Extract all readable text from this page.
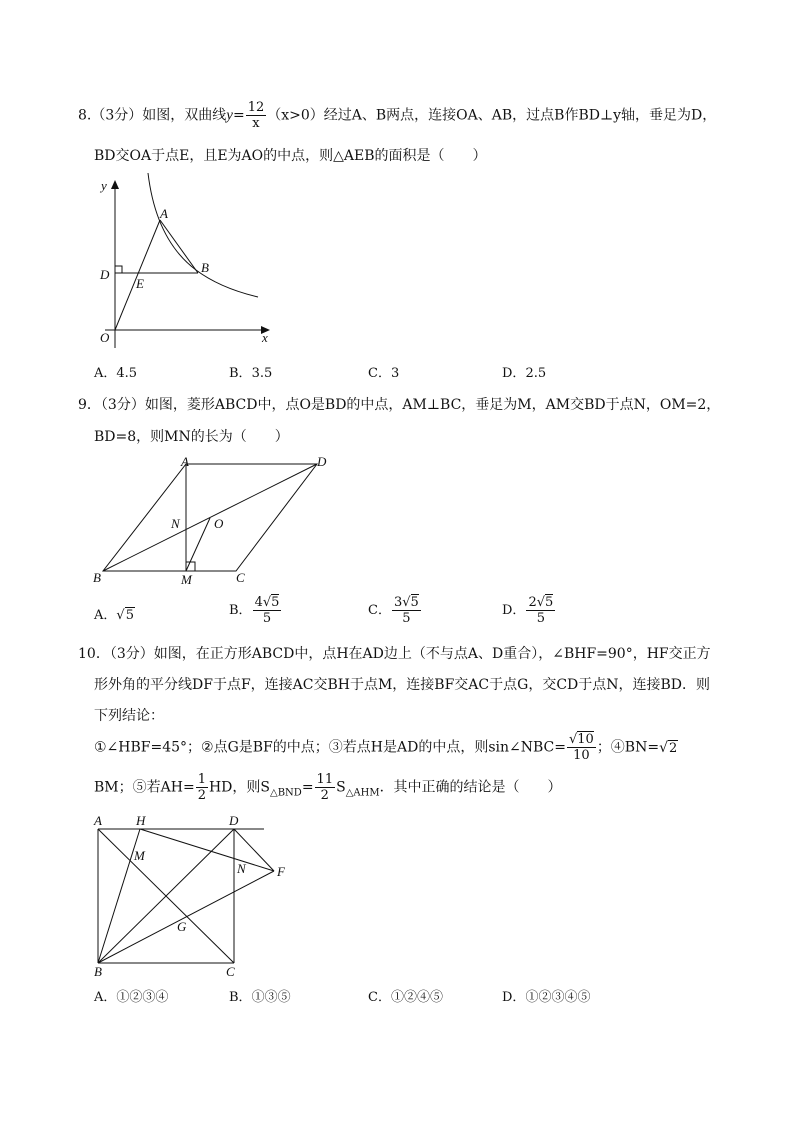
8.（3分）如图，双曲线$y= \frac{12}{x} (x>0)$经过A、B两点，连接OA、AB，过点B作BD⊥y轴，垂足为D，
BD交OA于点E，且E为AO的中点，则△AEB的面积是（　　）
y
x
A
B
D
E
O
A．4.5	B．3.5	C．3	D．2.5
9．（3分）如图，菱形ABCD中，点O是BD的中点，AM⊥BC，垂足为M，AM交BD于点N，OM=2，
BD=8，则MN的长为（　　）
A	D
N	O
B	M	C
A．√5	B． $\frac{4√5}{5}$	C． $\frac{3√5}{5}$	D． $\frac{2√5}{5}$
10．（3分）如图，在正方形ABCD中，点H在AD边上（不与点A、D重合），∠BHF=90°，HF交正方
形外角的平分线DF于点F，连接AC交BH于点M，连接BF交AC于点G，交CD于点N，连接BD．则
下列结论：
①∠HBF=45°；②点G是BF的中点；③若点H是AD的中点，则sin∠NBC= $\frac{√10}{10}$ ；④BN=√2
BM；⑤若$AH= \frac{1}{2}$ HD，则$S_{\triangle BND}= \frac{11}{2} S_{\triangle AHM}$．其中正确的结论是（　　）
A	H	D
M
F
N
G
B	C
A．①②③④	B．①③⑤	C．①②④⑤	D．①②③④⑤
